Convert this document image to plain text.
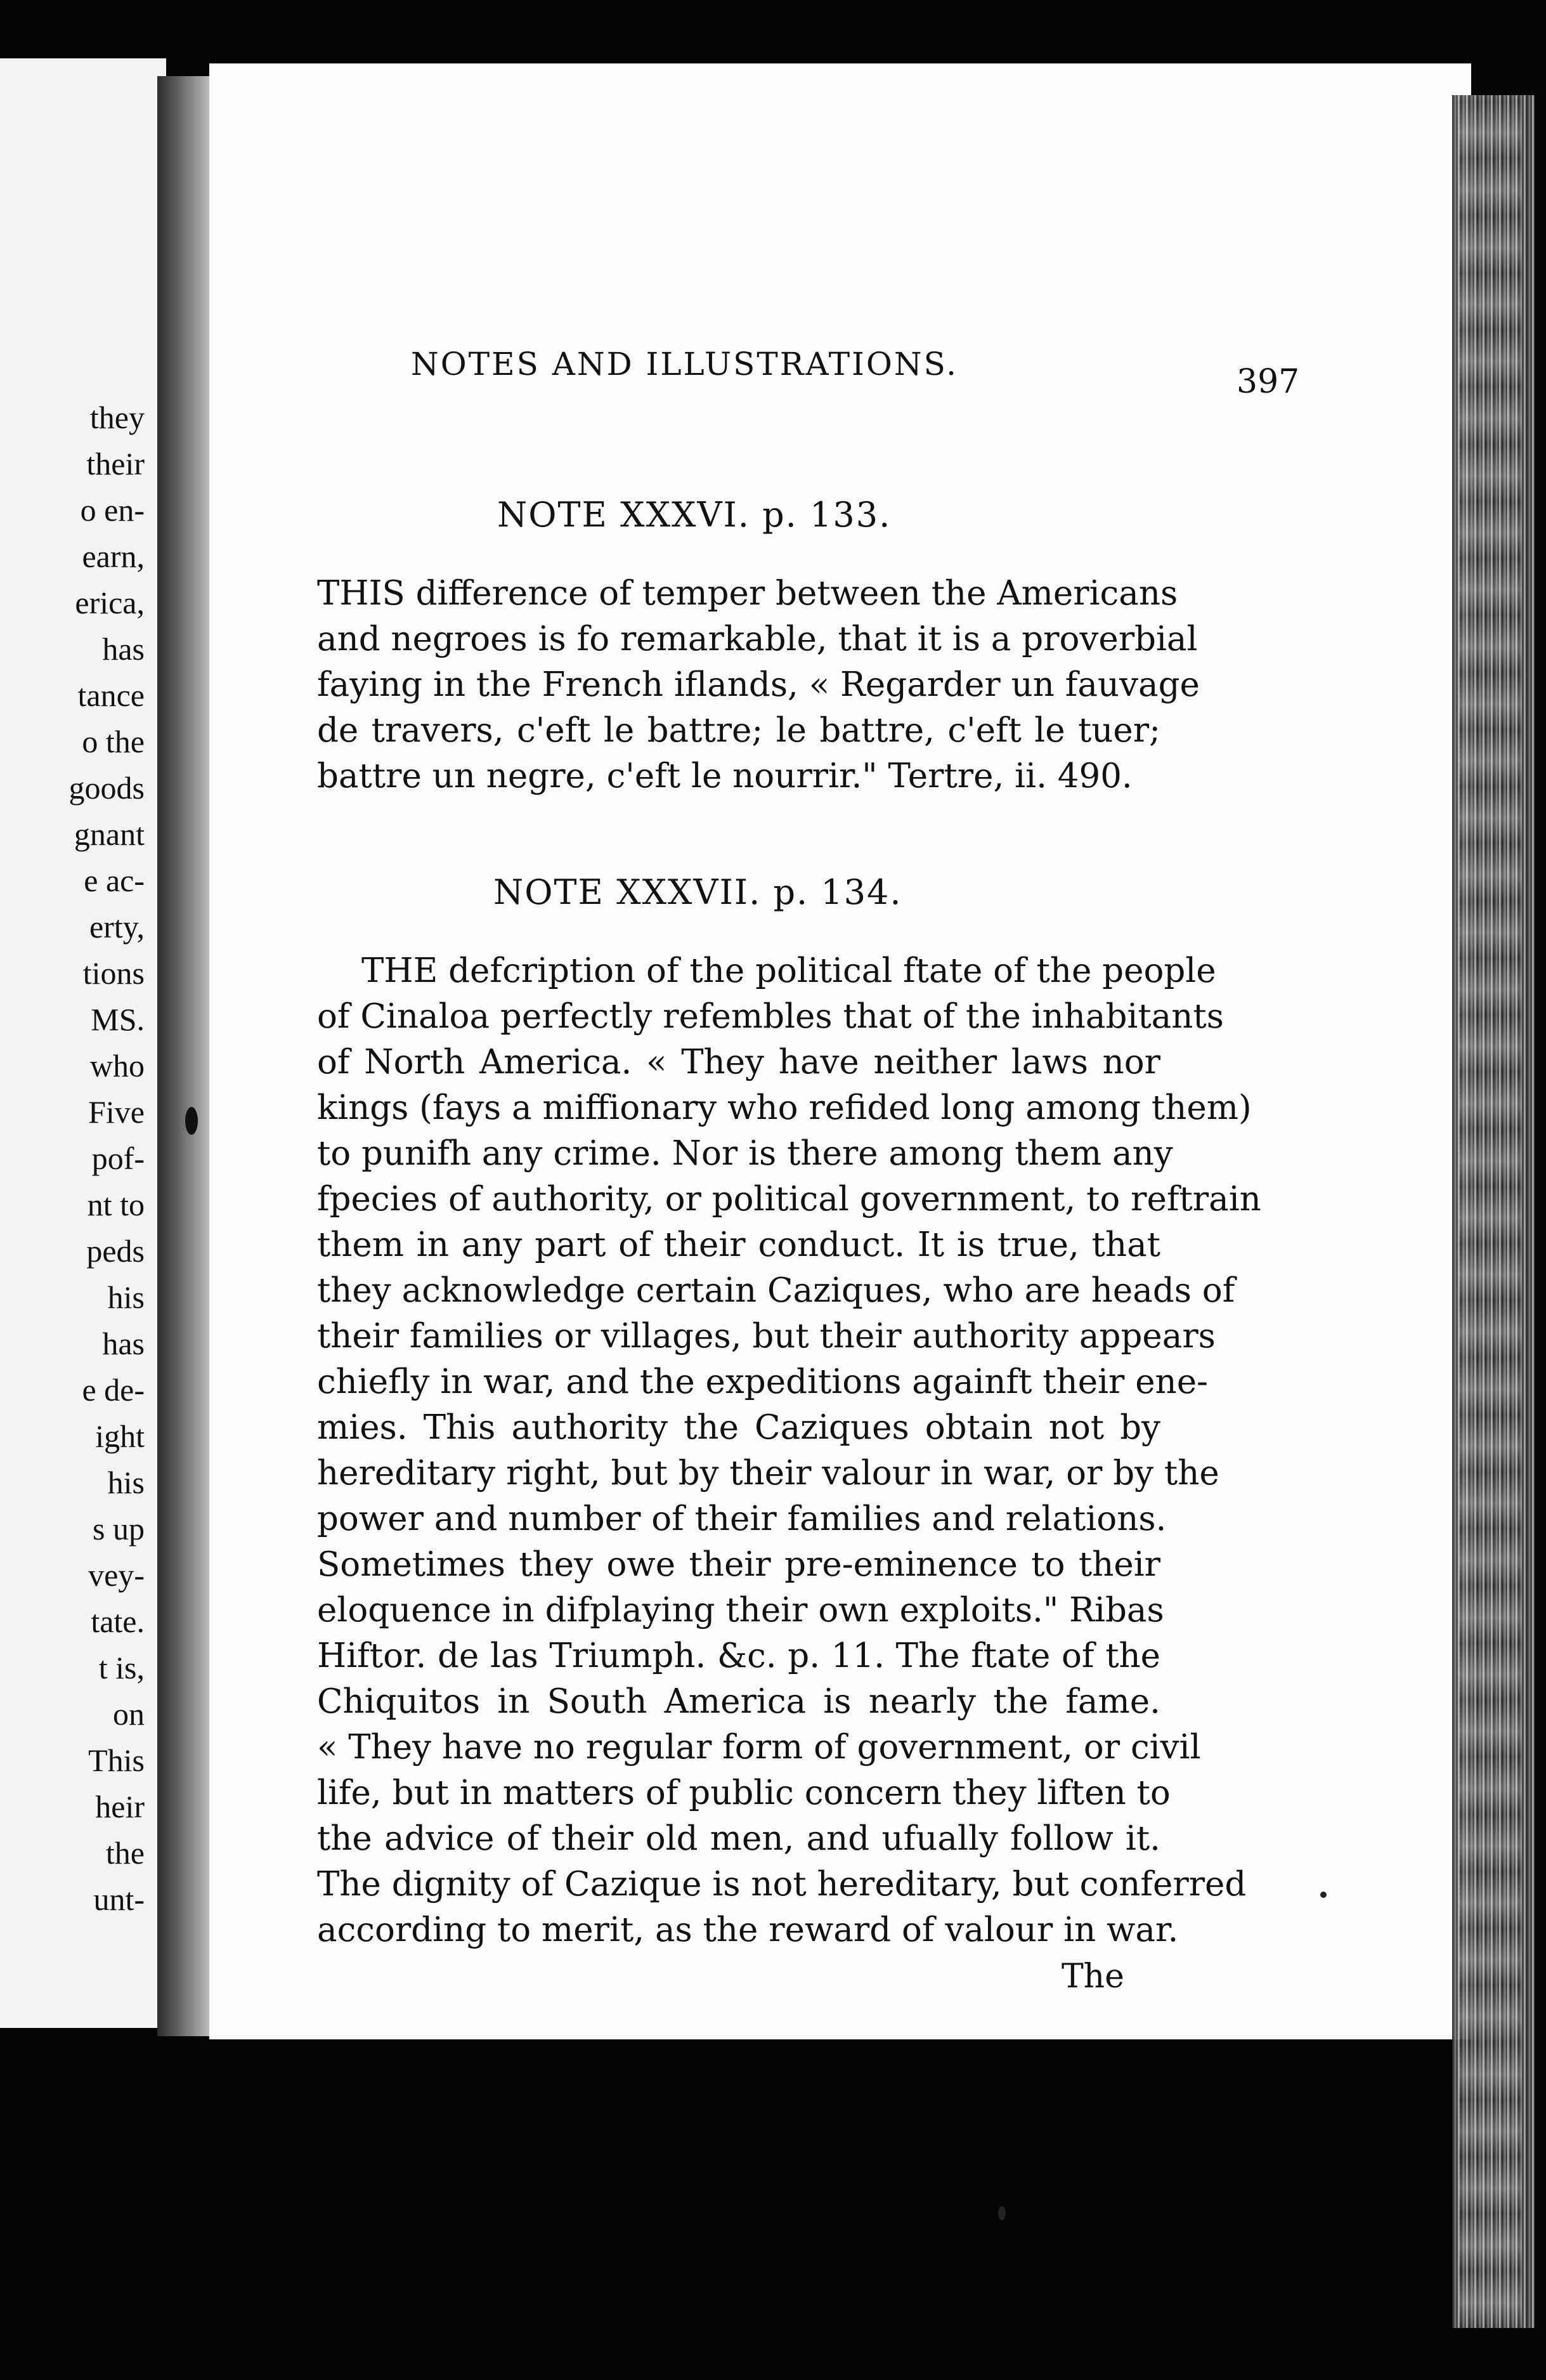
they
their
o en-
earn,
erica,
has
tance
o the
goods
gnant
e ac-
erty,
tions
MS.
who
Five
pof-
nt to
peds
his
has
e de-
ight
his
s up
vey-
tate.
t is,
on
This
heir
the
unt-
NOTES AND ILLUSTRATIONS.	397
NOTE XXXVI. p. 133.
THIS difference of temper between the Americans
and negroes is fo remarkable, that it is a proverbial
faying in the French iflands, « Regarder un fauvage
de travers, c'eft le battre; le battre, c'eft le tuer;
battre un negre, c'eft le nourrir." Tertre, ii. 490.
NOTE XXXVII. p. 134.
THE defcription of the political ftate of the people
of Cinaloa perfectly refembles that of the inhabitants
of North America. « They have neither laws nor
kings (fays a miffionary who refided long among them)
to punifh any crime. Nor is there among them any
fpecies of authority, or political government, to reftrain
them in any part of their conduct. It is true, that
they acknowledge certain Caziques, who are heads of
their families or villages, but their authority appears
chiefly in war, and the expeditions againft their ene-
mies. This authority the Caziques obtain not by
hereditary right, but by their valour in war, or by the
power and number of their families and relations.
Sometimes they owe their pre-eminence to their
eloquence in difplaying their own exploits." Ribas
Hiftor. de las Triumph. &c. p. 11. The ftate of the
Chiquitos in South America is nearly the fame.
« They have no regular form of government, or civil
life, but in matters of public concern they liften to
the advice of their old men, and ufually follow it.
The dignity of Cazique is not hereditary, but conferred
according to merit, as the reward of valour in war.
The
